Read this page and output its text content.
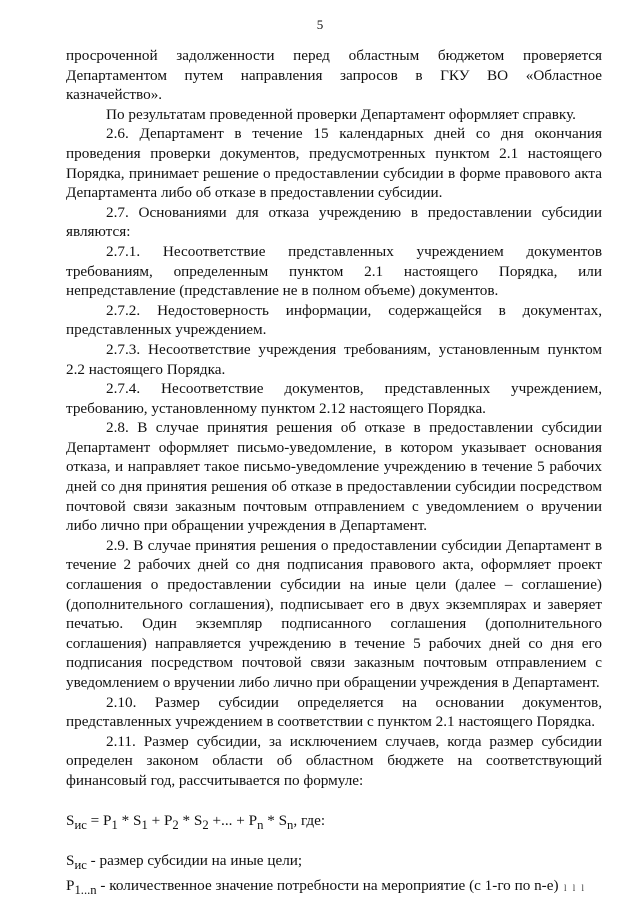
5

просроченной задолженности перед областным бюджетом проверяется Департаментом путем направления запросов в ГКУ ВО «Областное казначейство».

По результатам проведенной проверки Департамент оформляет справку.

2.6. Департамент в течение 15 календарных дней со дня окончания проведения проверки документов, предусмотренных пунктом 2.1 настоящего Порядка, принимает решение о предоставлении субсидии в форме правового акта Департамента либо об отказе в предоставлении субсидии.

2.7. Основаниями для отказа учреждению в предоставлении субсидии являются:

2.7.1. Несоответствие представленных учреждением документов требованиям, определенным пунктом 2.1 настоящего Порядка, или непредставление (представление не в полном объеме) документов.

2.7.2. Недостоверность информации, содержащейся в документах, представленных учреждением.

2.7.3. Несоответствие учреждения требованиям, установленным пунктом 2.2 настоящего Порядка.

2.7.4. Несоответствие документов, представленных учреждением, требованию, установленному пунктом 2.12 настоящего Порядка.

2.8. В случае принятия решения об отказе в предоставлении субсидии Департамент оформляет письмо-уведомление, в котором указывает основания отказа, и направляет такое письмо-уведомление учреждению в течение 5 рабочих дней со дня принятия решения об отказе в предоставлении субсидии посредством почтовой связи заказным почтовым отправлением с уведомлением о вручении либо лично при обращении учреждения в Департамент.

2.9. В случае принятия решения о предоставлении субсидии Департамент в течение 2 рабочих дней со дня подписания правового акта, оформляет проект соглашения о предоставлении субсидии на иные цели (далее – соглашение) (дополнительного соглашения), подписывает его в двух экземплярах и заверяет печатью. Один экземпляр подписанного соглашения (дополнительного соглашения) направляется учреждению в течение 5 рабочих дней со дня его подписания посредством почтовой связи заказным почтовым отправлением с уведомлением о вручении либо лично при обращении учреждения в Департамент.

2.10. Размер субсидии определяется на основании документов, представленных учреждением в соответствии с пунктом 2.1 настоящего Порядка.

2.11. Размер субсидии, за исключением случаев, когда размер субсидии определен законом области об областном бюджете на соответствующий финансовый год, рассчитывается по формуле:

$S_{ис} = P_1 * S_1 + P_2 * S_2$ +... + $P_n * S_n$, где:

$S_{ис}$ - размер субсидии на иные цели;

$P_{1...n}$ - количественное значение потребности на мероприятие (с 1-го по n-е) l l l
